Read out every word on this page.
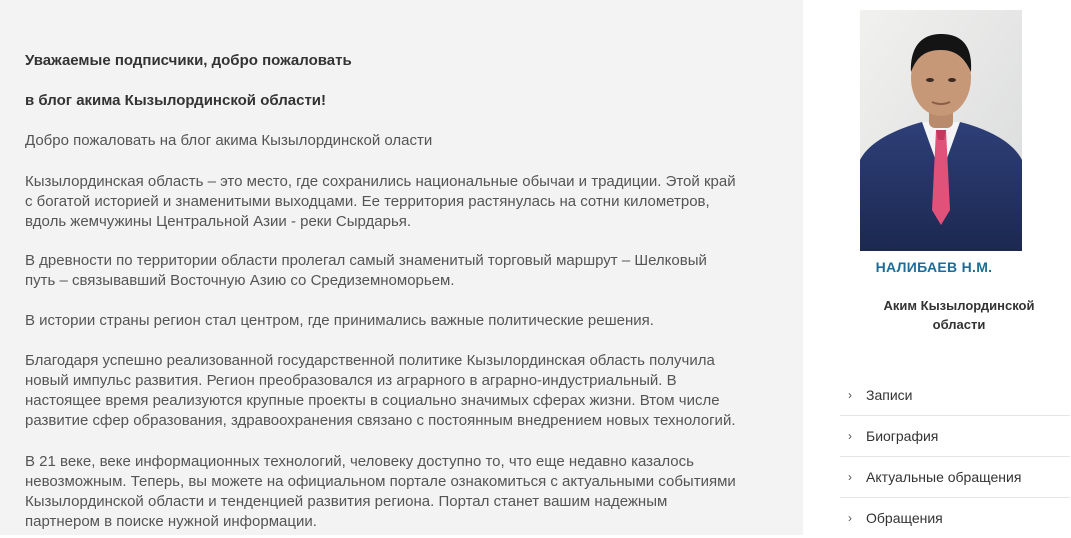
Уважаемые подписчики, добро пожаловать

в блог акима Кызылординской области!

Добро пожаловать на блог акима Кызылординской оласти

Кызылординская область – это место, где сохранились национальные обычаи и традиции. Этой край
с богатой историей и знаменитыми выходцами. Ее территория растянулась на сотни километров,
вдоль жемчужины Центральной Азии - реки Сырдарья.

В древности по территории области пролегал самый знаменитый торговый маршрут – Шелковый
путь – связывавший Восточную Азию со Средиземноморьем.

В истории страны регион стал центром, где принимались важные политические решения.

Благодаря успешно реализованной государственной политике Кызылординская область получила
новый импульс развития. Регион преобразовался из аграрного в аграрно-индустриальный. В
настоящее время реализуются крупные проекты в социально значимых сферах жизни. Втом числе
развитие сфер образования, здравоохранения связано с постоянным внедрением новых технологий.

В 21 веке, веке информационных технологий, человеку доступно то, что еще недавно казалось
невозможным. Теперь, вы можете на официальном портале ознакомиться с актуальными событиями
Кызылординской области и тенденцией развития региона. Портал станет вашим надежным
партнером в поиске нужной информации.

НАЛИБАЕВ Н.М.
Аким Кызылординской области
›	Записи
›	Биография
›	Актуальные обращения
›	Обращения
